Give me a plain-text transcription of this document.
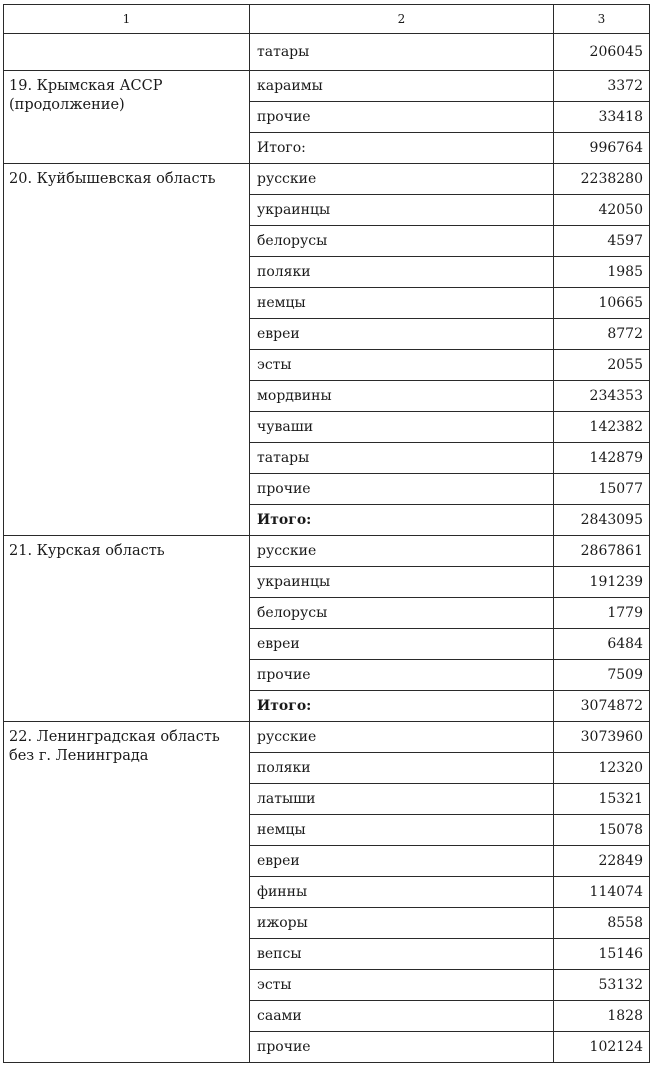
1	2	3

	татары	206045

19. Крымская АССР
(продолжение)	караимы	3372
	прочие	33418
	Итого:	996764

20. Куйбышевская область	русские	2238280
	украинцы	42050
	белорусы	4597
	поляки	1985
	немцы	10665
	евреи	8772
	эсты	2055
	мордвины	234353
	чуваши	142382
	татары	142879
	прочие	15077
	Итого:	2843095

21. Курская область	русские	2867861
	украинцы	191239
	белорусы	1779
	евреи	6484
	прочие	7509
	Итого:	3074872

22. Ленинградская область
без г. Ленинграда	русские	3073960
	поляки	12320
	латыши	15321
	немцы	15078
	евреи	22849
	финны	114074
	ижоры	8558
	вепсы	15146
	эсты	53132
	саами	1828
	прочие	102124
